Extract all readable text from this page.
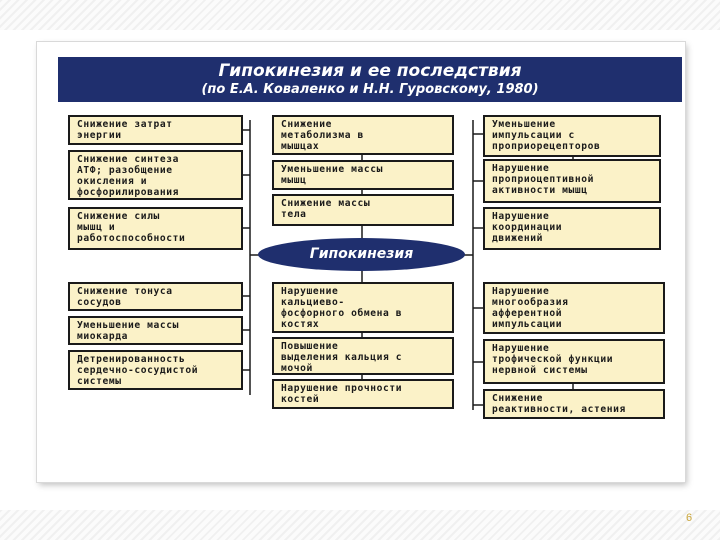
Гипокинезия и ее последствия
(по Е.А. Коваленко и Н.Н. Гуровскому, 1980)
Снижение затрат
энергии
Снижение синтеза
АТФ; разобщение
окисления и
фосфорилирования
Снижение силы
мышц и
работоспособности
Снижение тонуса
сосудов
Уменьшение массы
миокарда
Детренированность
сердечно-сосудистой
системы
Снижение
метаболизма в
мышцах
Уменьшение массы
мышц
Снижение массы
тела
Нарушение
кальциево-
фосфорного обмена в
костях
Повышение
выделения кальция с
мочой
Нарушение прочности
костей
Уменьшение
импульсации с
проприорецепторов
Нарушение
проприоцептивной
активности мышц
Нарушение
координации
движений
Нарушение
многообразия
афферентной
импульсации
Нарушение
трофической функции
нервной системы
Снижение
реактивности, астения
Гипокинезия
6
